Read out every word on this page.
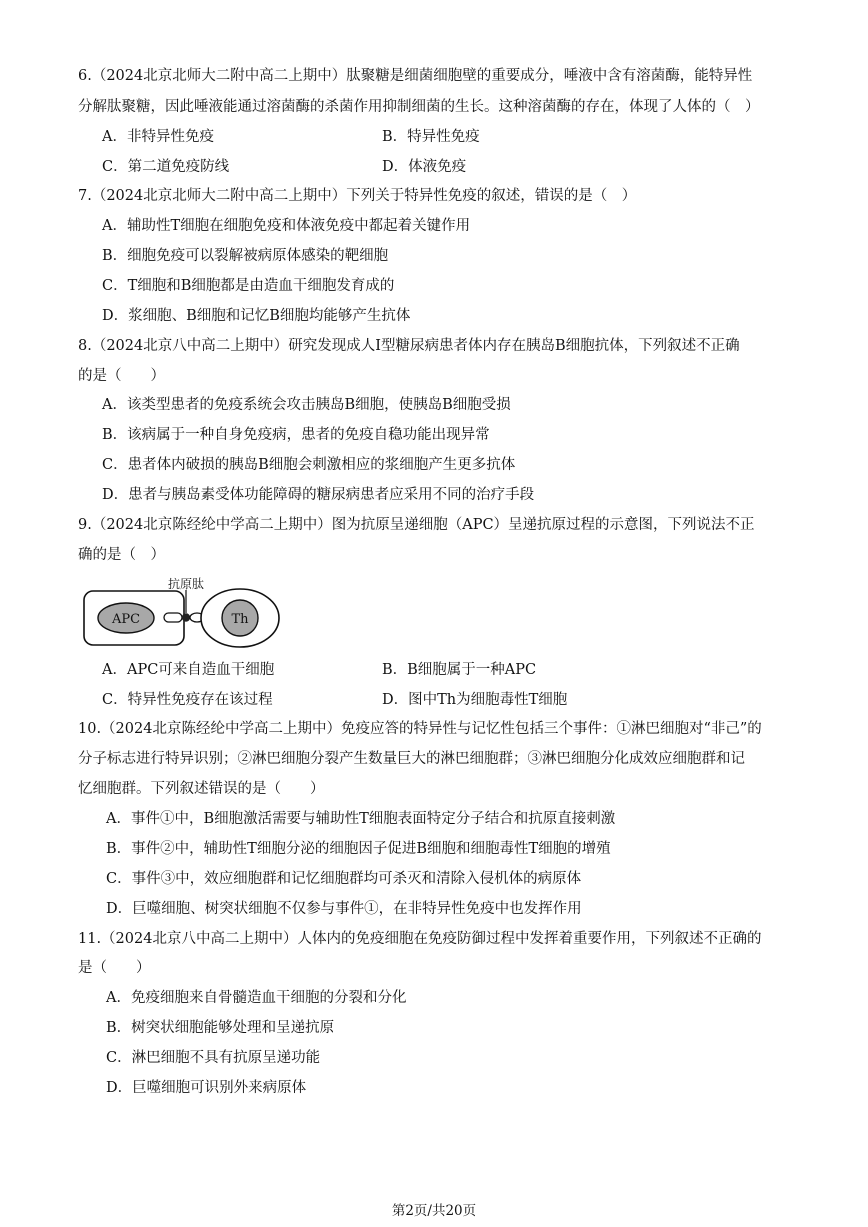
6.（2024北京北师大二附中高二上期中）肽聚糖是细菌细胞壁的重要成分，唾液中含有溶菌酶，能特异性
分解肽聚糖，因此唾液能通过溶菌酶的杀菌作用抑制细菌的生长。这种溶菌酶的存在，体现了人体的（　）
A．非特异性免疫	B．特异性免疫
C．第二道免疫防线	D．体液免疫
7.（2024北京北师大二附中高二上期中）下列关于特异性免疫的叙述，错误的是（　）
A．辅助性T细胞在细胞免疫和体液免疫中都起着关键作用
B．细胞免疫可以裂解被病原体感染的靶细胞
C．T细胞和B细胞都是由造血干细胞发育成的
D．浆细胞、B细胞和记忆B细胞均能够产生抗体
8.（2024北京八中高二上期中）研究发现成人I型糖尿病患者体内存在胰岛B细胞抗体，下列叙述不正确
的是（　　）
A．该类型患者的免疫系统会攻击胰岛B细胞，使胰岛B细胞受损
B．该病属于一种自身免疫病，患者的免疫自稳功能出现异常
C．患者体内破损的胰岛B细胞会刺激相应的浆细胞产生更多抗体
D．患者与胰岛素受体功能障碍的糖尿病患者应采用不同的治疗手段
9.（2024北京陈经纶中学高二上期中）图为抗原呈递细胞（APC）呈递抗原过程的示意图，下列说法不正
确的是（　）
APC
抗原肽
Th
A．APC可来自造血干细胞	B．B细胞属于一种APC
C．特异性免疫存在该过程	D．图中Th为细胞毒性T细胞
10.（2024北京陈经纶中学高二上期中）免疫应答的特异性与记忆性包括三个事件：①淋巴细胞对“非己”的
分子标志进行特异识别；②淋巴细胞分裂产生数量巨大的淋巴细胞群；③淋巴细胞分化成效应细胞群和记
忆细胞群。下列叙述错误的是（　　）
A．事件①中，B细胞激活需要与辅助性T细胞表面特定分子结合和抗原直接刺激
B．事件②中，辅助性T细胞分泌的细胞因子促进B细胞和细胞毒性T细胞的增殖
C．事件③中，效应细胞群和记忆细胞群均可杀灭和清除入侵机体的病原体
D．巨噬细胞、树突状细胞不仅参与事件①，在非特异性免疫中也发挥作用
11.（2024北京八中高二上期中）人体内的免疫细胞在免疫防御过程中发挥着重要作用，下列叙述不正确的
是（　　）
A．免疫细胞来自骨髓造血干细胞的分裂和分化
B．树突状细胞能够处理和呈递抗原
C．淋巴细胞不具有抗原呈递功能
D．巨噬细胞可识别外来病原体
第2页/共20页
